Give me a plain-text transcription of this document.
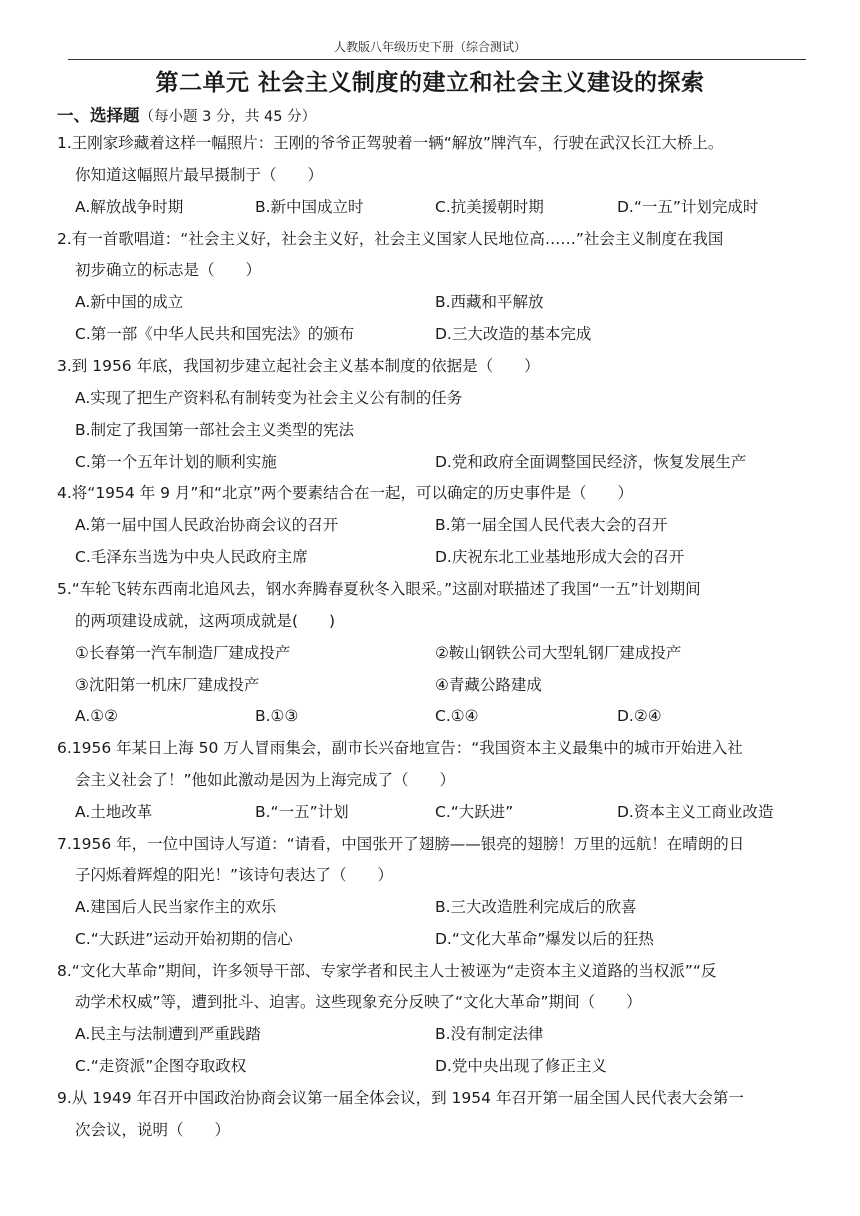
人教版八年级历史下册（综合测试）
第二单元 社会主义制度的建立和社会主义建设的探索
一、选择题（每小题 3 分，共 45 分）
1.王刚家珍藏着这样一幅照片：王刚的爷爷正驾驶着一辆“解放”牌汽车，行驶在武汉长江大桥上。
你知道这幅照片最早摄制于（　　）
A.解放战争时期	B.新中国成立时	C.抗美援朝时期	D.“一五”计划完成时
2.有一首歌唱道：“社会主义好，社会主义好，社会主义国家人民地位高……”社会主义制度在我国
初步确立的标志是（　　）
A.新中国的成立	B.西藏和平解放
C.第一部《中华人民共和国宪法》的颁布	D.三大改造的基本完成
3.到 1956 年底，我国初步建立起社会主义基本制度的依据是（　　）
A.实现了把生产资料私有制转变为社会主义公有制的任务
B.制定了我国第一部社会主义类型的宪法
C.第一个五年计划的顺利实施	D.党和政府全面调整国民经济，恢复发展生产
4.将“1954 年 9 月”和“北京”两个要素结合在一起，可以确定的历史事件是（　　）
A.第一届中国人民政治协商会议的召开	B.第一届全国人民代表大会的召开
C.毛泽东当选为中央人民政府主席	D.庆祝东北工业基地形成大会的召开
5.“车轮飞转东西南北追风去，钢水奔腾春夏秋冬入眼采。”这副对联描述了我国“一五”计划期间
的两项建设成就，这两项成就是(　　)
①长春第一汽车制造厂建成投产	②鞍山钢铁公司大型轧钢厂建成投产
③沈阳第一机床厂建成投产	④青藏公路建成
A.①②	B.①③	C.①④	D.②④
6.1956 年某日上海 50 万人冒雨集会，副市长兴奋地宣告：“我国资本主义最集中的城市开始进入社
会主义社会了！”他如此激动是因为上海完成了（　　）
A.土地改革	B.“一五”计划	C.“大跃进”	D.资本主义工商业改造
7.1956 年，一位中国诗人写道：“请看，中国张开了翅膀——银亮的翅膀！万里的远航！在晴朗的日
子闪烁着辉煌的阳光！”该诗句表达了（　　）
A.建国后人民当家作主的欢乐	B.三大改造胜利完成后的欣喜
C.“大跃进”运动开始初期的信心	D.“文化大革命”爆发以后的狂热
8.“文化大革命”期间，许多领导干部、专家学者和民主人士被诬为“走资本主义道路的当权派”“反
动学术权威”等，遭到批斗、迫害。这些现象充分反映了“文化大革命”期间（　　）
A.民主与法制遭到严重践踏	B.没有制定法律
C.“走资派”企图夺取政权	D.党中央出现了修正主义
9.从 1949 年召开中国政治协商会议第一届全体会议，到 1954 年召开第一届全国人民代表大会第一
次会议，说明（　　）
